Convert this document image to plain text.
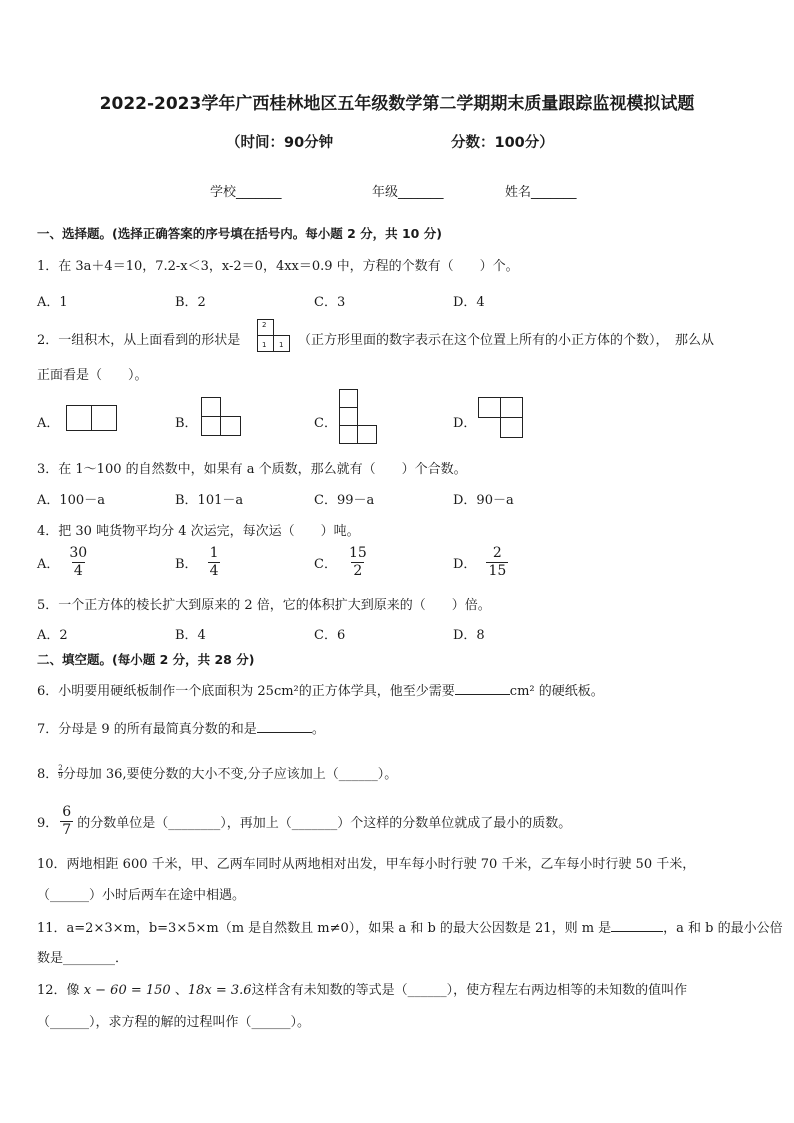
2022-2023学年广西桂林地区五年级数学第二学期期末质量跟踪监视模拟试题
（时间：90分钟	分数：100分）
学校_______	年级_______	姓名_______
一、选择题。(选择正确答案的序号填在括号内。每小题 2 分，共 10 分)
1．在 3a＋4＝10，7.2-x＜3，x-2＝0，4xx＝0.9 中，方程的个数有（　　）个。
A．1	B．2	C．3	D．4
2．一组积木，从上面看到的形状是
2
1 1 （正方形里面的数字表示在这个位置上所有的小正方体的个数），　那么从
正面看是（　　）。
A．	B．	C．	D．
3．在 1～100 的自然数中，如果有 a 个质数，那么就有（　　）个合数。
A．100－a	B．101－a	C．99－a	D．90－a
4．把 30 吨货物平均分 4 次运完，每次运（　　）吨。
A． $\frac{30}{4}$	B． $\frac{1}{4}$	C． $\frac{15}{2}$	D． $\frac{2}{15}$
5．一个正方体的棱长扩大到原来的 2 倍，它的体积扩大到原来的（　　）倍。
A．2	B．4	C．6	D．8
二、填空题。(每小题 2 分，共 28 分)
6．小明要用硬纸板制作一个底面积为 25cm²的正方体学具，他至少需要	cm² 的硬纸板。
7．分母是 9 的所有最简真分数的和是	。
8． 2
9 分母加 36,要使分数的大小不变,分子应该加上（______）。
9． $\frac{6}{7}$ 的分数单位是（________），再加上（_______）个这样的分数单位就成了最小的质数。
10．两地相距 600 千米，甲、乙两车同时从两地相对出发，甲车每小时行驶 70 千米，乙车每小时行驶 50 千米，
（______）小时后两车在途中相遇。
11．a=2×3×m，b=3×5×m（m 是自然数且 m≠0），如果 a 和 b 的最大公因数是 21，则 m 是	，a 和 b 的最小公倍
数是________．
12．像 x − 60 = 150 、18x = 3.6这样含有未知数的等式是（______），使方程左右两边相等的未知数的值叫作
（______），求方程的解的过程叫作（______）。
